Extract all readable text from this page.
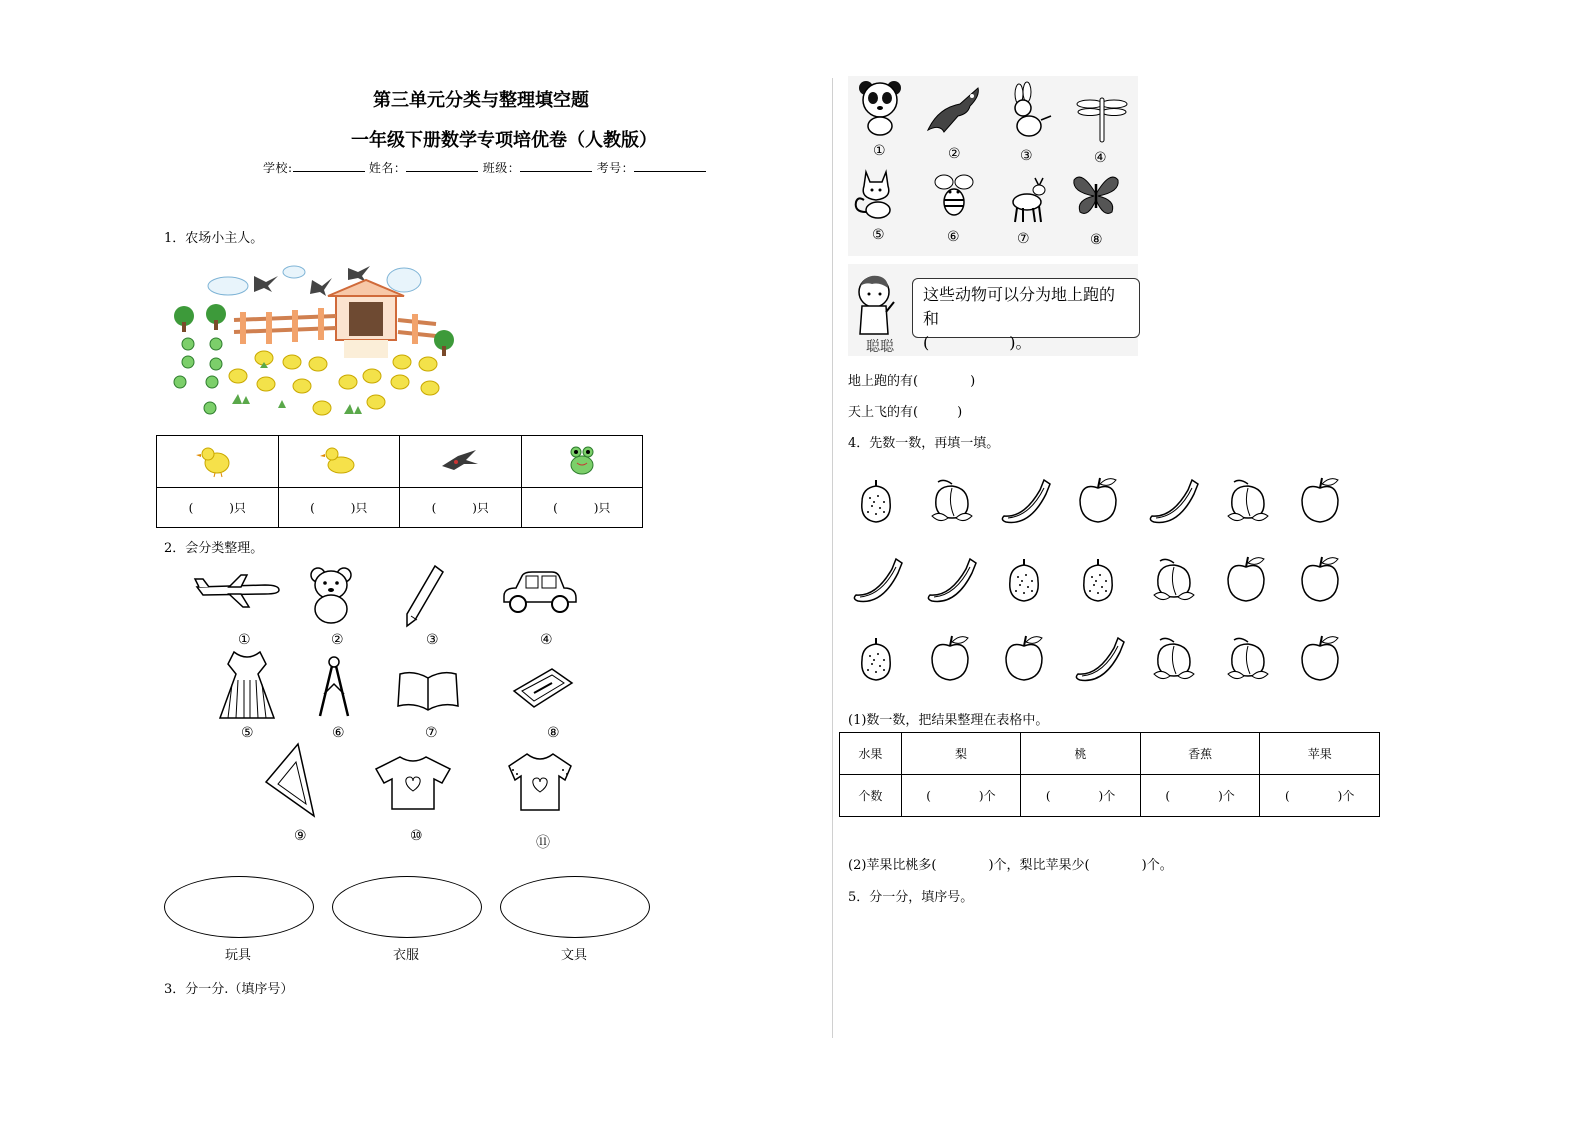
第三单元分类与整理填空题
一年级下册数学专项培优卷（人教版）
学校:	姓名：	班级：	考号：
1．农场小主人。

(　　　)只	(　　　)只	(　　　)只	(　　　)只
2．会分类整理。
①	②	③	④
⑤	⑥	⑦	⑧
⑨	⑩	⑪
玩具	衣服	文具
3．分一分.（填序号）
①	②	③	④
⑤	⑥	⑦	⑧
聪聪
这些动物可以分为地上跑的和
(　　　　　)。
地上跑的有(　　　　)
天上飞的有(　　　)
4．先数一数，再填一填。
(1)数一数，把结果整理在表格中。
水果	梨	桃	香蕉	苹果
个数	(　　　　)个	(　　　　)个	(　　　　)个	(　　　　)个
(2)苹果比桃多(　　　　)个，梨比苹果少(　　　　)个。
5．分一分，填序号。
